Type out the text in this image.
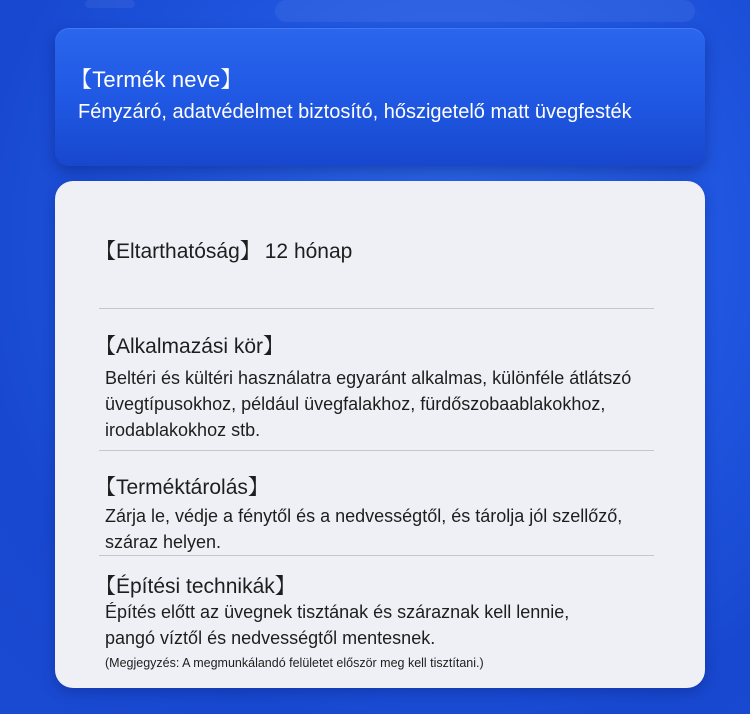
【Termék neve】
Fényzáró, adatvédelmet biztosító, hőszigetelő matt üvegfesték
【Eltarthatóság】 12 hónap
【Alkalmazási kör】
Beltéri és kültéri használatra egyaránt alkalmas, különféle átlátszó
üvegtípusokhoz, például üvegfalakhoz, fürdőszobaablakokhoz,
irodablakokhoz stb.
【Terméktárolás】
Zárja le, védje a fénytől és a nedvességtől, és tárolja jól szellőző,
száraz helyen.
【Építési technikák】
Építés előtt az üvegnek tisztának és száraznak kell lennie,
pangó víztől és nedvességtől mentesnek.
(Megjegyzés: A megmunkálandó felületet először meg kell tisztítani.)
